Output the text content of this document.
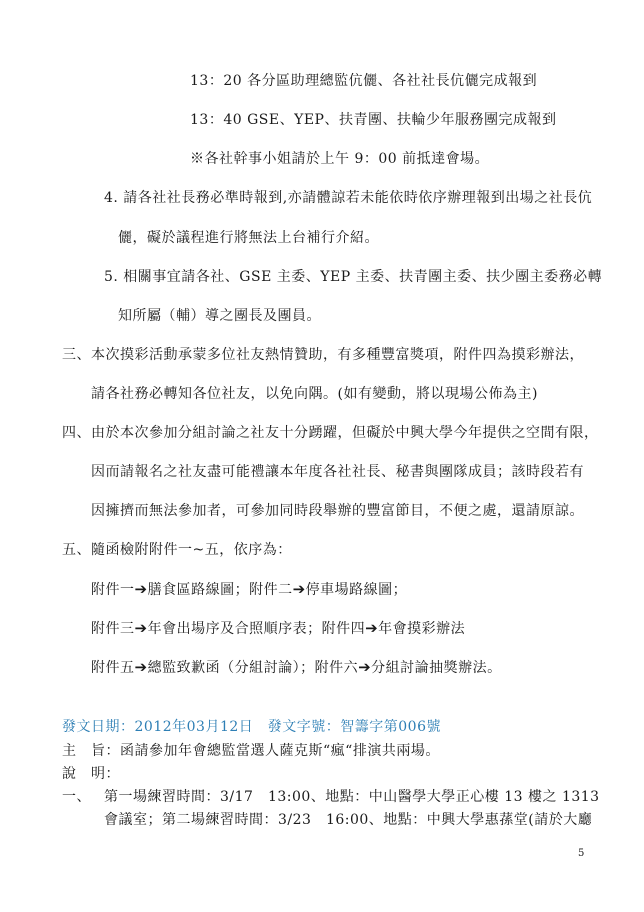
13：20 各分區助理總監伉儷、各社社長伉儷完成報到
13：40 GSE、YEP、扶青團、扶輪少年服務團完成報到
※各社幹事小姐請於上午 9：00 前抵達會場。
4. 請各社社長務必準時報到,亦請體諒若未能依時依序辦理報到出場之社長伉
儷，礙於議程進行將無法上台補行介紹。
5. 相關事宜請各社、GSE 主委、YEP 主委、扶青團主委、扶少團主委務必轉
知所屬（輔）導之團長及團員。
三、本次摸彩活動承蒙多位社友熱情贊助，有多種豐富獎項，附件四為摸彩辦法，
請各社務必轉知各位社友，以免向隅。(如有變動，將以現場公佈為主)
四、由於本次參加分組討論之社友十分踴躍，但礙於中興大學今年提供之空間有限，
因而請報名之社友盡可能禮讓本年度各社社長、秘書與團隊成員；該時段若有
因擁擠而無法參加者，可參加同時段舉辦的豐富節目，不便之處，還請原諒。
五、隨函檢附附件一~五，依序為：
附件一➔膳食區路線圖；附件二➔停車場路線圖；
附件三➔年會出場序及合照順序表；附件四➔年會摸彩辦法
附件五➔總監致歉函（分組討論）；附件六➔分組討論抽獎辦法。
發文日期：2012年03月12日　發文字號：智籌字第006號
主　旨：函請參加年會總監當選人薩克斯“瘋“排演共兩場。
說　明：
一、 第一場練習時間：3/17　13:00、地點：中山醫學大學正心樓 13 樓之 1313
會議室；第二場練習時間：3/23　16:00、地點：中興大學惠蓀堂(請於大廳
5
